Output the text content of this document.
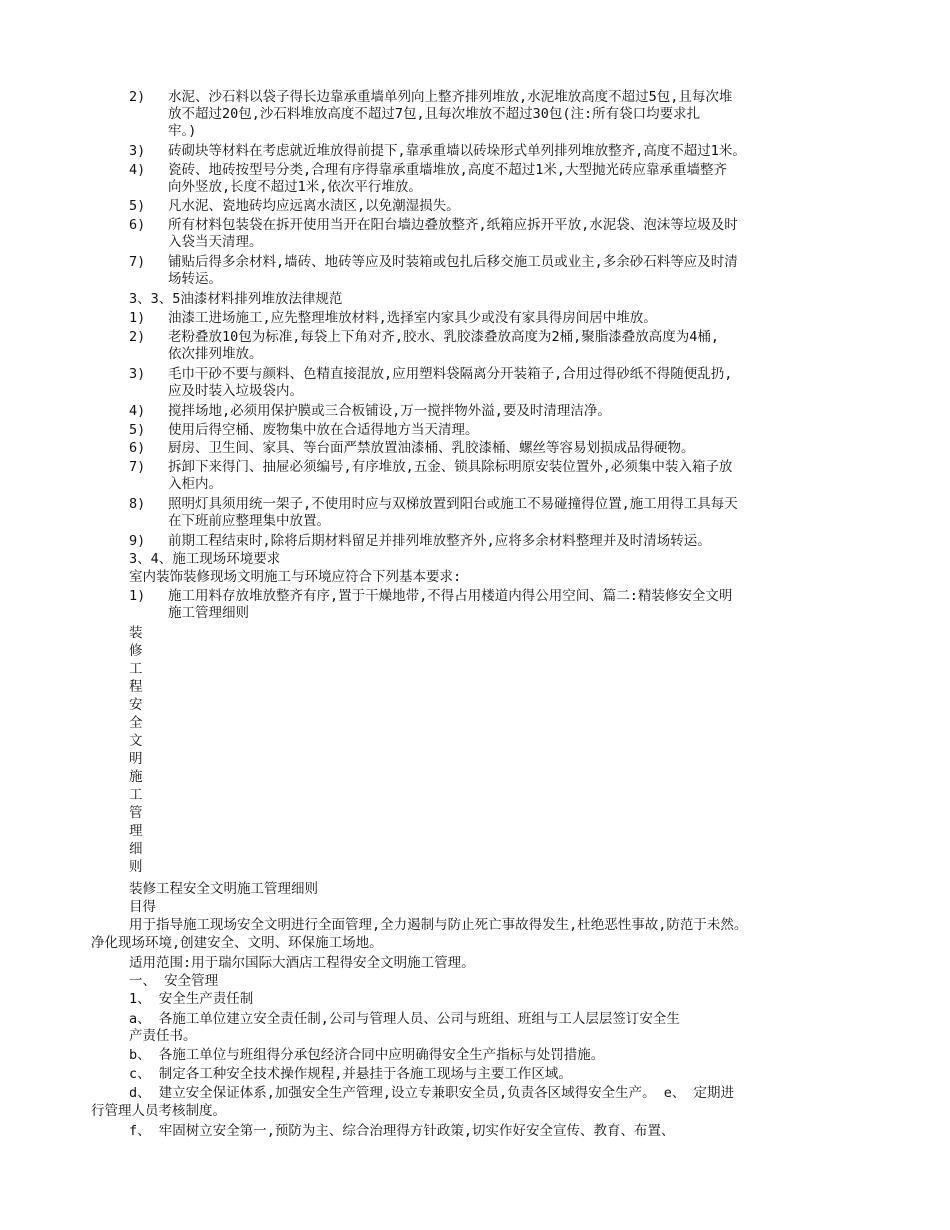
2) 水泥、沙石料以袋子得长边靠承重墙单列向上整齐排列堆放,水泥堆放高度不超过5包,且每次堆
放不超过20包,沙石料堆放高度不超过7包,且每次堆放不超过30包(注:所有袋口均要求扎
牢。)
3) 砖砌块等材料在考虑就近堆放得前提下,靠承重墙以砖垛形式单列排列堆放整齐,高度不超过1米。
4) 瓷砖、地砖按型号分类,合理有序得靠承重墙堆放,高度不超过1米,大型抛光砖应靠承重墙整齐
向外竖放,长度不超过1米,依次平行堆放。
5) 凡水泥、瓷地砖均应远离水渍区,以免潮湿损失。
6) 所有材料包装袋在拆开使用当开在阳台墙边叠放整齐,纸箱应拆开平放,水泥袋、泡沫等垃圾及时
入袋当天清理。
7) 铺贴后得多余材料,墙砖、地砖等应及时装箱或包扎后移交施工员或业主,多余砂石料等应及时清
场转运。
3、3、5油漆材料排列堆放法律规范
1) 油漆工进场施工,应先整理堆放材料,选择室内家具少或没有家具得房间居中堆放。
2) 老粉叠放10包为标准,每袋上下角对齐,胶水、乳胶漆叠放高度为2桶,聚脂漆叠放高度为4桶,
依次排列堆放。
3) 毛巾干砂不要与颜料、色精直接混放,应用塑料袋隔离分开装箱子,合用过得砂纸不得随便乱扔,
应及时装入垃圾袋内。
4) 搅拌场地,必须用保护膜或三合板铺设,万一搅拌物外溢,要及时清理洁净。
5) 使用后得空桶、废物集中放在合适得地方当天清理。
6) 厨房、卫生间、家具、等台面严禁放置油漆桶、乳胶漆桶、螺丝等容易划损成品得硬物。
7) 拆卸下来得门、抽屉必须编号,有序堆放,五金、锁具除标明原安装位置外,必须集中装入箱子放
入柜内。
8) 照明灯具须用统一架子,不使用时应与双梯放置到阳台或施工不易碰撞得位置,施工用得工具每天
在下班前应整理集中放置。
9) 前期工程结束时,除将后期材料留足并排列堆放整齐外,应将多余材料整理并及时清场转运。
3、4、施工现场环境要求
室内装饰装修现场文明施工与环境应符合下列基本要求:
1) 施工用料存放堆放整齐有序,置于干燥地带,不得占用楼道内得公用空间、篇二:精装修安全文明
施工管理细则
装
修
工
程
安
全
文
明
施
工
管
理
细
则
装修工程安全文明施工管理细则
目得
用于指导施工现场安全文明进行全面管理,全力遏制与防止死亡事故得发生,杜绝恶性事故,防范于未然。
净化现场环境,创建安全、文明、环保施工场地。
适用范围:用于瑞尔国际大酒店工程得安全文明施工管理。
一、 安全管理
1、 安全生产责任制
a、 各施工单位建立安全责任制,公司与管理人员、公司与班组、班组与工人层层签订安全生
产责任书。
b、 各施工单位与班组得分承包经济合同中应明确得安全生产指标与处罚措施。
c、 制定各工种安全技术操作规程,并悬挂于各施工现场与主要工作区域。
d、 建立安全保证体系,加强安全生产管理,设立专兼职安全员,负责各区域得安全生产。 e、 定期进
行管理人员考核制度。
f、 牢固树立安全第一,预防为主、综合治理得方针政策,切实作好安全宣传、教育、布置、
